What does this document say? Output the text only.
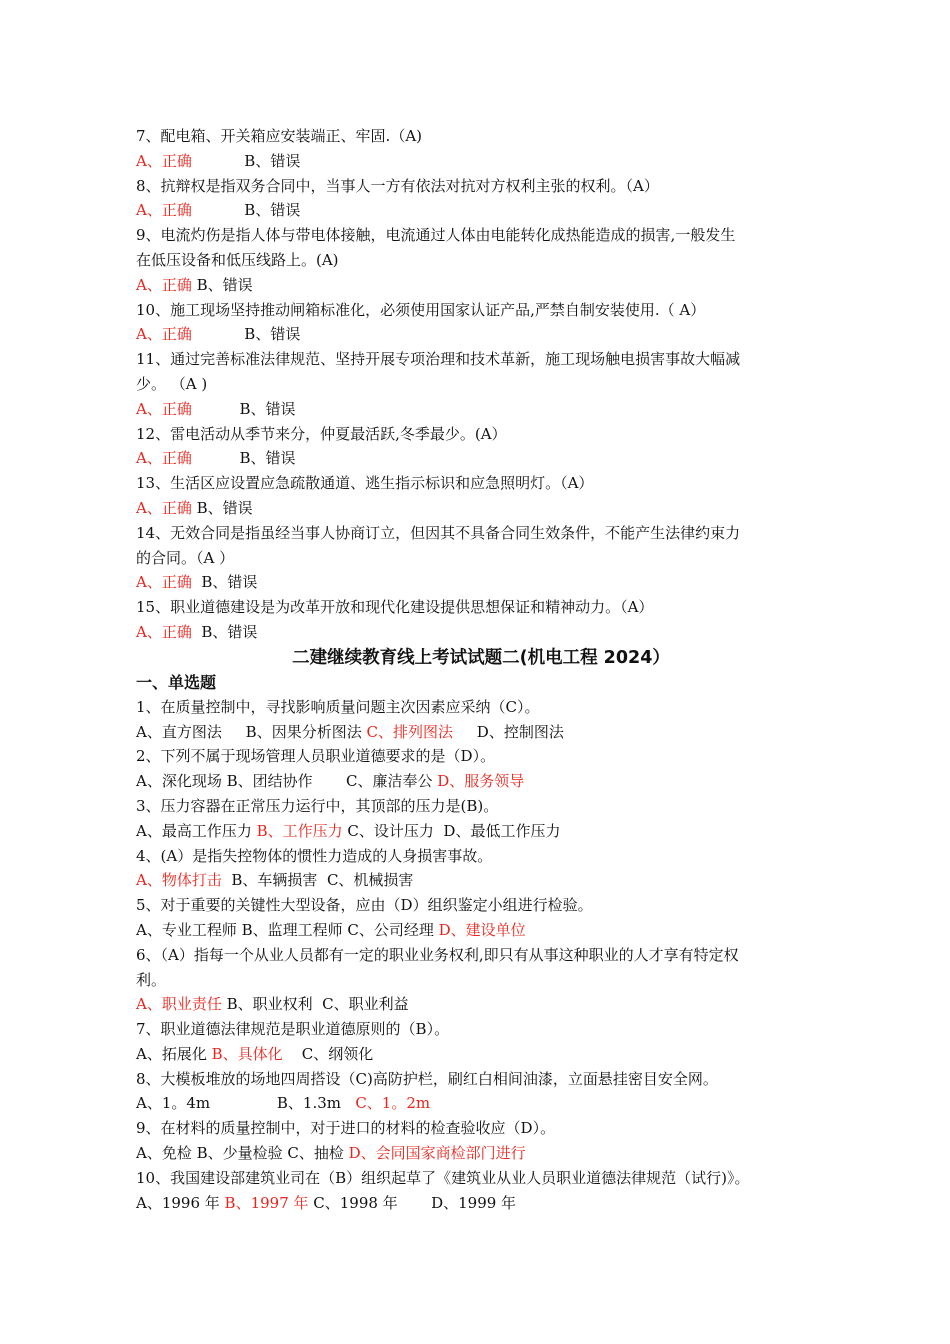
7、配电箱、开关箱应安装端正、牢固.（A)
A、正确           B、错误
8、抗辩权是指双务合同中，当事人一方有依法对抗对方权利主张的权利。（A）
A、正确           B、错误
9、电流灼伤是指人体与带电体接触，电流通过人体由电能转化成热能造成的损害,一般发生
在低压设备和低压线路上。(A)
A、正确 B、错误
10、施工现场坚持推动闸箱标准化，必须使用国家认证产品,严禁自制安装使用.（ A）
A、正确           B、错误
11、通过完善标准法律规范、坚持开展专项治理和技术革新，施工现场触电损害事故大幅减
少。 （A )
A、正确          B、错误
12、雷电活动从季节来分，仲夏最活跃,冬季最少。(A）
A、正确          B、错误
13、生活区应设置应急疏散通道、逃生指示标识和应急照明灯。（A）
A、正确 B、错误
14、无效合同是指虽经当事人协商订立，但因其不具备合同生效条件，不能产生法律约束力
的合同。（A ）
A、正确  B、错误
15、职业道德建设是为改革开放和现代化建设提供思想保证和精神动力。（A）
A、正确  B、错误
二建继续教育线上考试试题二(机电工程 2024）
一、单选题
1、在质量控制中，寻找影响质量问题主次因素应采纳（C）。
A、直方图法     B、因果分析图法 C、排列图法     D、控制图法
2、下列不属于现场管理人员职业道德要求的是（D）。
A、深化现场 B、团结协作       C、廉洁奉公 D、服务领导
3、压力容器在正常压力运行中，其顶部的压力是(B)。
A、最高工作压力 B、工作压力 C、设计压力  D、最低工作压力
4、(A）是指失控物体的惯性力造成的人身损害事故。
A、物体打击  B、车辆损害  C、机械损害
5、对于重要的关键性大型设备，应由（D）组织鉴定小组进行检验。
A、专业工程师 B、监理工程师 C、公司经理 D、建设单位
6、（A）指每一个从业人员都有一定的职业业务权利,即只有从事这种职业的人才享有特定权
利。
A、职业责任 B、职业权利  C、职业利益
7、职业道德法律规范是职业道德原则的（B）。
A、拓展化 B、具体化    C、纲领化
8、大模板堆放的场地四周搭设（C)高防护栏，刷红白相间油漆，立面悬挂密目安全网。
A、1。4m              B、1.3m   C、1。2m
9、在材料的质量控制中，对于进口的材料的检查验收应（D）。
A、免检 B、少量检验 C、抽检 D、会同国家商检部门进行
10、我国建设部建筑业司在（B）组织起草了《建筑业从业人员职业道德法律规范（试行)》。
A、1996 年 B、1997 年 C、1998 年       D、1999 年
